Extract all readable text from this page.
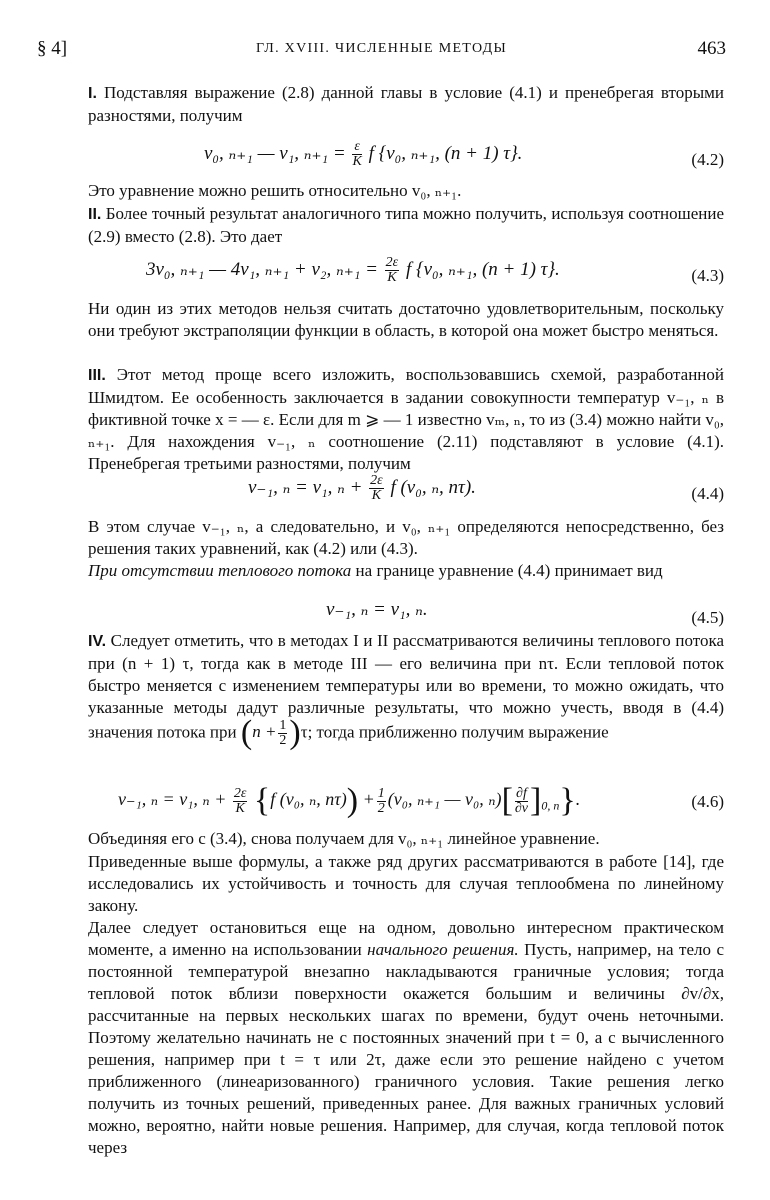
§ 4]	ГЛ. XVIII. ЧИСЛЕННЫЕ МЕТОДЫ	463
I. Подставляя выражение (2.8) данной главы в условие (4.1) и пренебрегая вторыми разностями, получим
v₀, ₙ₊₁ — v₁, $_{n+1} = \frac{\varepsilon}{K}$ f {v₀, ₙ₊₁, (n + 1) τ}.	(4.2)
Это уравнение можно решить относительно v₀, ₙ₊₁.
II. Более точный результат аналогичного типа можно получить, используя соотношение (2.9) вместо (2.8). Это дает
3v₀, ₙ₊₁ — 4v₁, ₙ₊₁ + v₂, $_{n+1} = \frac{2\varepsilon}{K}$ f {v₀, ₙ₊₁, (n + 1) τ}.	(4.3)
Ни один из этих методов нельзя считать достаточно удовлетворительным, поскольку они требуют экстраполяции функции в область, в которой она может быстро меняться.
III. Этот метод проще всего изложить, воспользовавшись схемой, разработанной Шмидтом. Ее особенность заключается в задании совокупности температур v₋₁, ₙ в фиктивной точке x = — ε. Если для m ⩾ — 1 известно vₘ, ₙ, то из (3.4) можно найти v₀, ₙ₊₁. Для нахождения v₋₁, ₙ соотношение (2.11) подставляют в условие (4.1). Пренебрегая третьими разностями, получим
v₋₁, ₙ = v₁, $_n + \frac{2\varepsilon}{K}$ f (v₀, ₙ, nτ).	(4.4)
В этом случае v₋₁, ₙ, а следовательно, и v₀, ₙ₊₁ определяются непосредственно, без решения таких уравнений, как (4.2) или (4.3).
При отсутствии теплового потока на границе уравнение (4.4) принимает вид
v₋₁, ₙ = v₁, ₙ.	(4.5)
IV. Следует отметить, что в методах I и II рассматриваются величины теплового потока при (n + 1) τ, тогда как в методе III — его величина при nτ. Если тепловой поток быстро меняется с изменением температуры или во времени, то можно ожидать, что указанные методы дадут различные результаты, что можно учесть, вводя в (4.4) значения потока при $(n + \frac{1}{2} )\tau$; тогда приближенно получим выражение
v₋₁, ₙ = v₁, $_n + \frac{2\varepsilon}{K} \{f$ (v₀, ₙ, $n\tau)) + \frac{1}{2} (v_0$, ₙ₊₁ — v₀, $_n)[ \frac{\partial f}{\partial v} ]_{0, n}$}.	(4.6)
Объединяя его с (3.4), снова получаем для v₀, ₙ₊₁ линейное уравнение.
Приведенные выше формулы, а также ряд других рассматриваются в работе [14], где исследовались их устойчивость и точность для случая теплообмена по линейному закону.
Далее следует остановиться еще на одном, довольно интересном практическом моменте, а именно на использовании начального решения. Пусть, например, на тело с постоянной температурой внезапно накладываются граничные условия; тогда тепловой поток вблизи поверхности окажется большим и величины ∂v/∂x, рассчитанные на первых нескольких шагах по времени, будут очень неточными. Поэтому желательно начинать не с постоянных значений при t = 0, а с вычисленного решения, например при t = τ или 2τ, даже если это решение найдено с учетом приближенного (линеаризованного) граничного условия. Такие решения легко получить из точных решений, приведенных ранее. Для важных граничных условий можно, вероятно, найти новые решения. Например, для случая, когда тепловой поток через
